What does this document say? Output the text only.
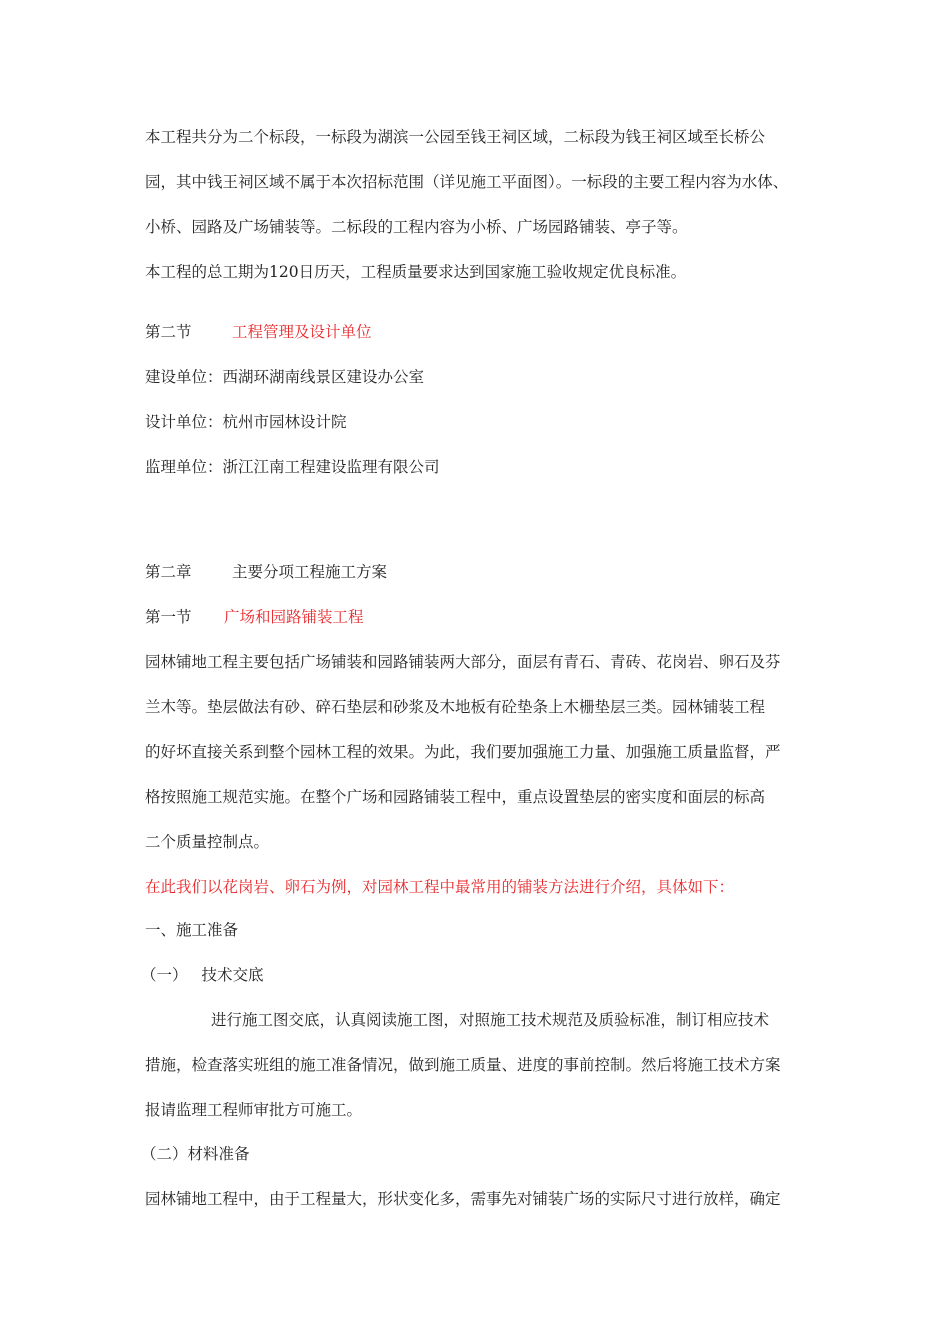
本工程共分为二个标段，一标段为湖滨一公园至钱王祠区域，二标段为钱王祠区域至长桥公
园，其中钱王祠区域不属于本次招标范围（详见施工平面图）。一标段的主要工程内容为水体、
小桥、园路及广场铺装等。二标段的工程内容为小桥、广场园路铺装、亭子等。
本工程的总工期为120日历天，工程质量要求达到国家施工验收规定优良标准。
第二节	工程管理及设计单位
建设单位：西湖环湖南线景区建设办公室
设计单位：杭州市园林设计院
监理单位：浙江江南工程建设监理有限公司
第二章	主要分项工程施工方案
第一节 广场和园路铺装工程
园林铺地工程主要包括广场铺装和园路铺装两大部分，面层有青石、青砖、花岗岩、卵石及芬
兰木等。垫层做法有砂、碎石垫层和砂浆及木地板有砼垫条上木栅垫层三类。园林铺装工程
的好坏直接关系到整个园林工程的效果。为此，我们要加强施工力量、加强施工质量监督，严
格按照施工规范实施。在整个广场和园路铺装工程中，重点设置垫层的密实度和面层的标高
二个质量控制点。
在此我们以花岗岩、卵石为例，对园林工程中最常用的铺装方法进行介绍，具体如下：
一、施工准备
（一） 技术交底
进行施工图交底，认真阅读施工图，对照施工技术规范及质验标准，制订相应技术
措施，检查落实班组的施工准备情况，做到施工质量、进度的事前控制。然后将施工技术方案
报请监理工程师审批方可施工。
（二）材料准备
园林铺地工程中，由于工程量大，形状变化多，需事先对铺装广场的实际尺寸进行放样，确定
